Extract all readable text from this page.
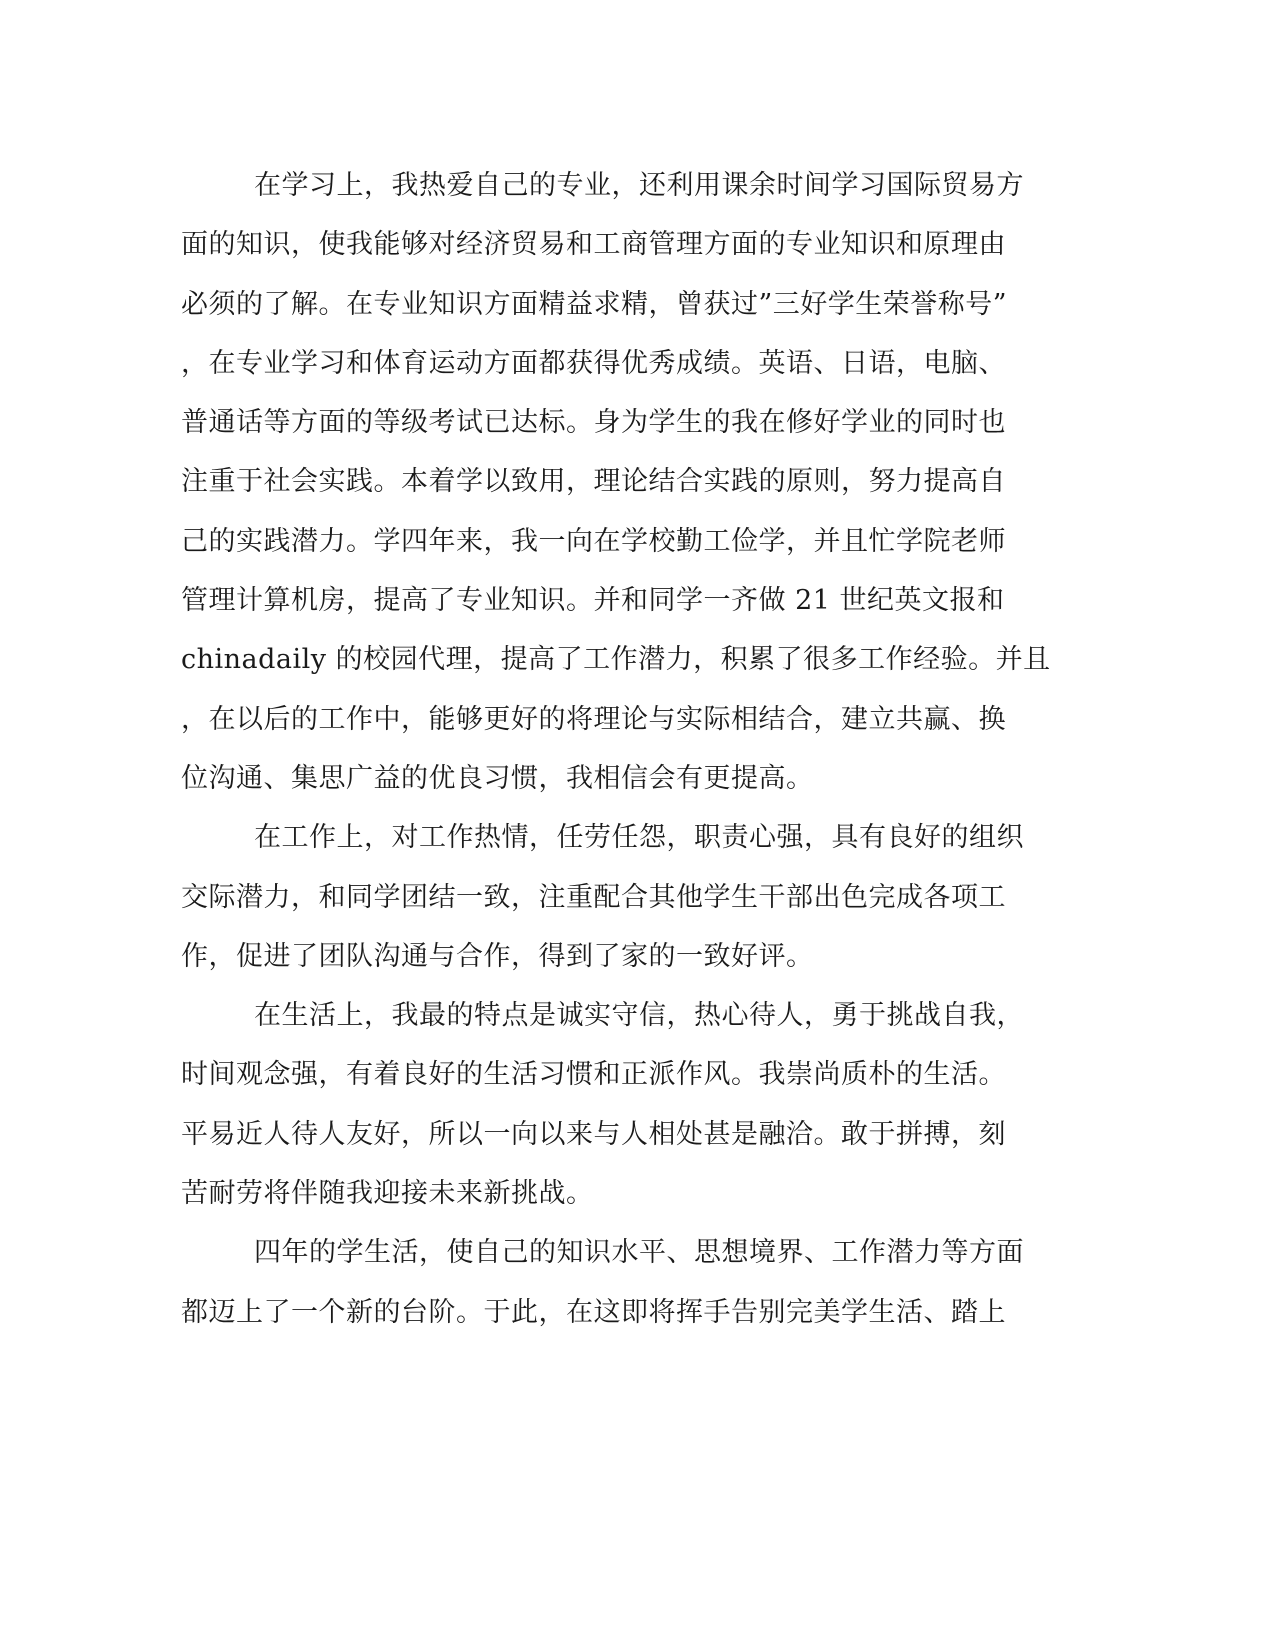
在学习上，我热爱自己的专业，还利用课余时间学习国际贸易方
面的知识，使我能够对经济贸易和工商管理方面的专业知识和原理由
必须的了解。在专业知识方面精益求精，曾获过”三好学生荣誉称号”
，在专业学习和体育运动方面都获得优秀成绩。英语、日语，电脑、
普通话等方面的等级考试已达标。身为学生的我在修好学业的同时也
注重于社会实践。本着学以致用，理论结合实践的原则，努力提高自
己的实践潜力。学四年来，我一向在学校勤工俭学，并且忙学院老师
管理计算机房，提高了专业知识。并和同学一齐做 21 世纪英文报和
chinadaily 的校园代理，提高了工作潜力，积累了很多工作经验。并且
，在以后的工作中，能够更好的将理论与实际相结合，建立共赢、换
位沟通、集思广益的优良习惯，我相信会有更提高。
在工作上，对工作热情，任劳任怨，职责心强，具有良好的组织
交际潜力，和同学团结一致，注重配合其他学生干部出色完成各项工
作，促进了团队沟通与合作，得到了家的一致好评。
在生活上，我最的特点是诚实守信，热心待人，勇于挑战自我，
时间观念强，有着良好的生活习惯和正派作风。我崇尚质朴的生活。
平易近人待人友好，所以一向以来与人相处甚是融洽。敢于拼搏，刻
苦耐劳将伴随我迎接未来新挑战。
四年的学生活，使自己的知识水平、思想境界、工作潜力等方面
都迈上了一个新的台阶。于此，在这即将挥手告别完美学生活、踏上
